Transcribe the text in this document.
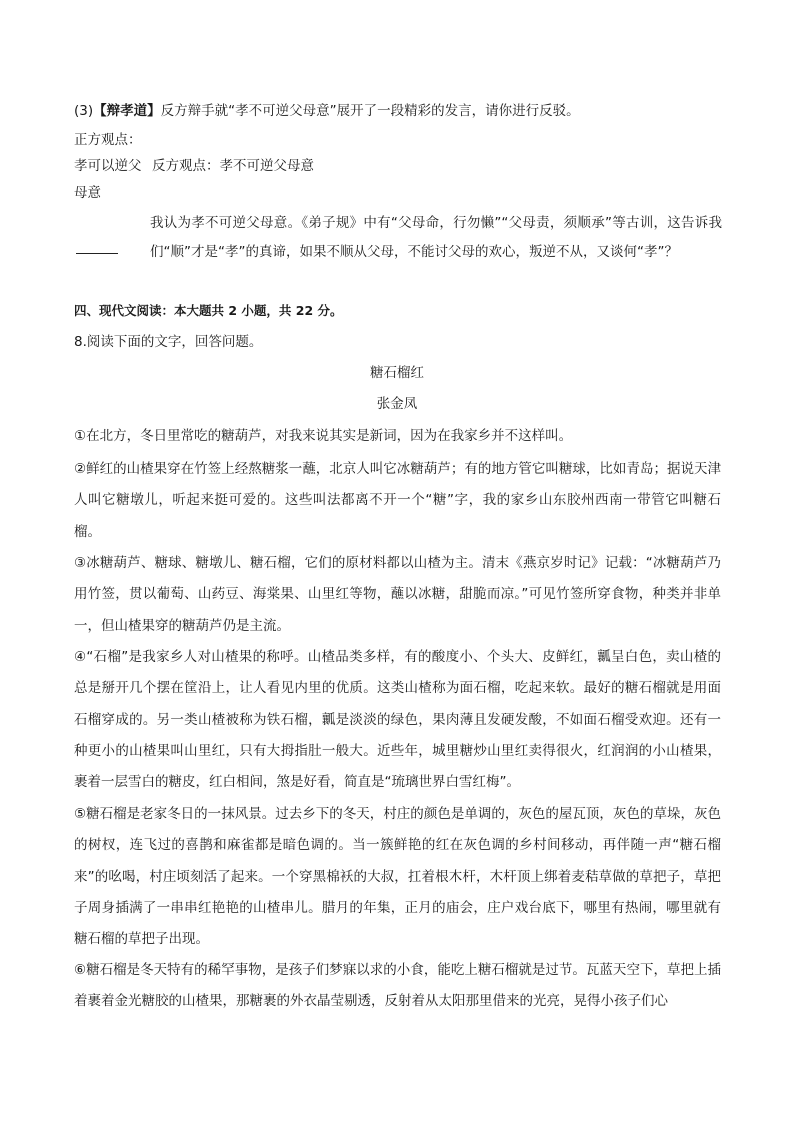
(3)【辩孝道】反方辩手就“孝不可逆父母意”展开了一段精彩的发言，请你进行反驳。
正方观点：
孝可以逆父 反方观点：孝不可逆父母意
母意
我认为孝不可逆父母意。《弟子规》中有“父母命，行勿懒”“父母责，须顺承”等古训，这告诉我们“顺”才是“孝”的真谛，如果不顺从父母，不能讨父母的欢心，叛逆不从，又谈何“孝”？
四、现代文阅读：本大题共 2 小题，共 22 分。
8.阅读下面的文字，回答问题。
糖石榴红
张金凤
①在北方，冬日里常吃的糖葫芦，对我来说其实是新词，因为在我家乡并不这样叫。
②鲜红的山楂果穿在竹签上经熬糖浆一蘸，北京人叫它冰糖葫芦；有的地方管它叫糖球，比如青岛；据说天津人叫它糖墩儿，听起来挺可爱的。这些叫法都离不开一个“糖”字，我的家乡山东胶州西南一带管它叫糖石榴。
③冰糖葫芦、糖球、糖墩儿、糖石榴，它们的原材料都以山楂为主。清末《燕京岁时记》记载：“冰糖葫芦乃用竹签，贯以葡萄、山药豆、海棠果、山里红等物，蘸以冰糖，甜脆而凉。”可见竹签所穿食物，种类并非单一，但山楂果穿的糖葫芦仍是主流。
④“石榴”是我家乡人对山楂果的称呼。山楂品类多样，有的酸度小、个头大、皮鲜红，瓤呈白色，卖山楂的总是掰开几个摆在筐沿上，让人看见内里的优质。这类山楂称为面石榴，吃起来软。最好的糖石榴就是用面石榴穿成的。另一类山楂被称为铁石榴，瓤是淡淡的绿色，果肉薄且发硬发酸，不如面石榴受欢迎。还有一种更小的山楂果叫山里红，只有大拇指肚一般大。近些年，城里糖炒山里红卖得很火，红润润的小山楂果，裹着一层雪白的糖皮，红白相间，煞是好看，简直是“琉璃世界白雪红梅”。
⑤糖石榴是老家冬日的一抹风景。过去乡下的冬天，村庄的颜色是单调的，灰色的屋瓦顶，灰色的草垛，灰色的树杈，连飞过的喜鹊和麻雀都是暗色调的。当一簇鲜艳的红在灰色调的乡村间移动，再伴随一声“糖石榴来”的吆喝，村庄顷刻活了起来。一个穿黑棉袄的大叔，扛着根木杆，木杆顶上绑着麦秸草做的草把子，草把子周身插满了一串串红艳艳的山楂串儿。腊月的年集，正月的庙会，庄户戏台底下，哪里有热闹，哪里就有糖石榴的草把子出现。
⑥糖石榴是冬天特有的稀罕事物，是孩子们梦寐以求的小食，能吃上糖石榴就是过节。瓦蓝天空下，草把上插着裹着金光糖胶的山楂果，那糖裹的外衣晶莹剔透，反射着从太阳那里借来的光亮，晃得小孩子们心
